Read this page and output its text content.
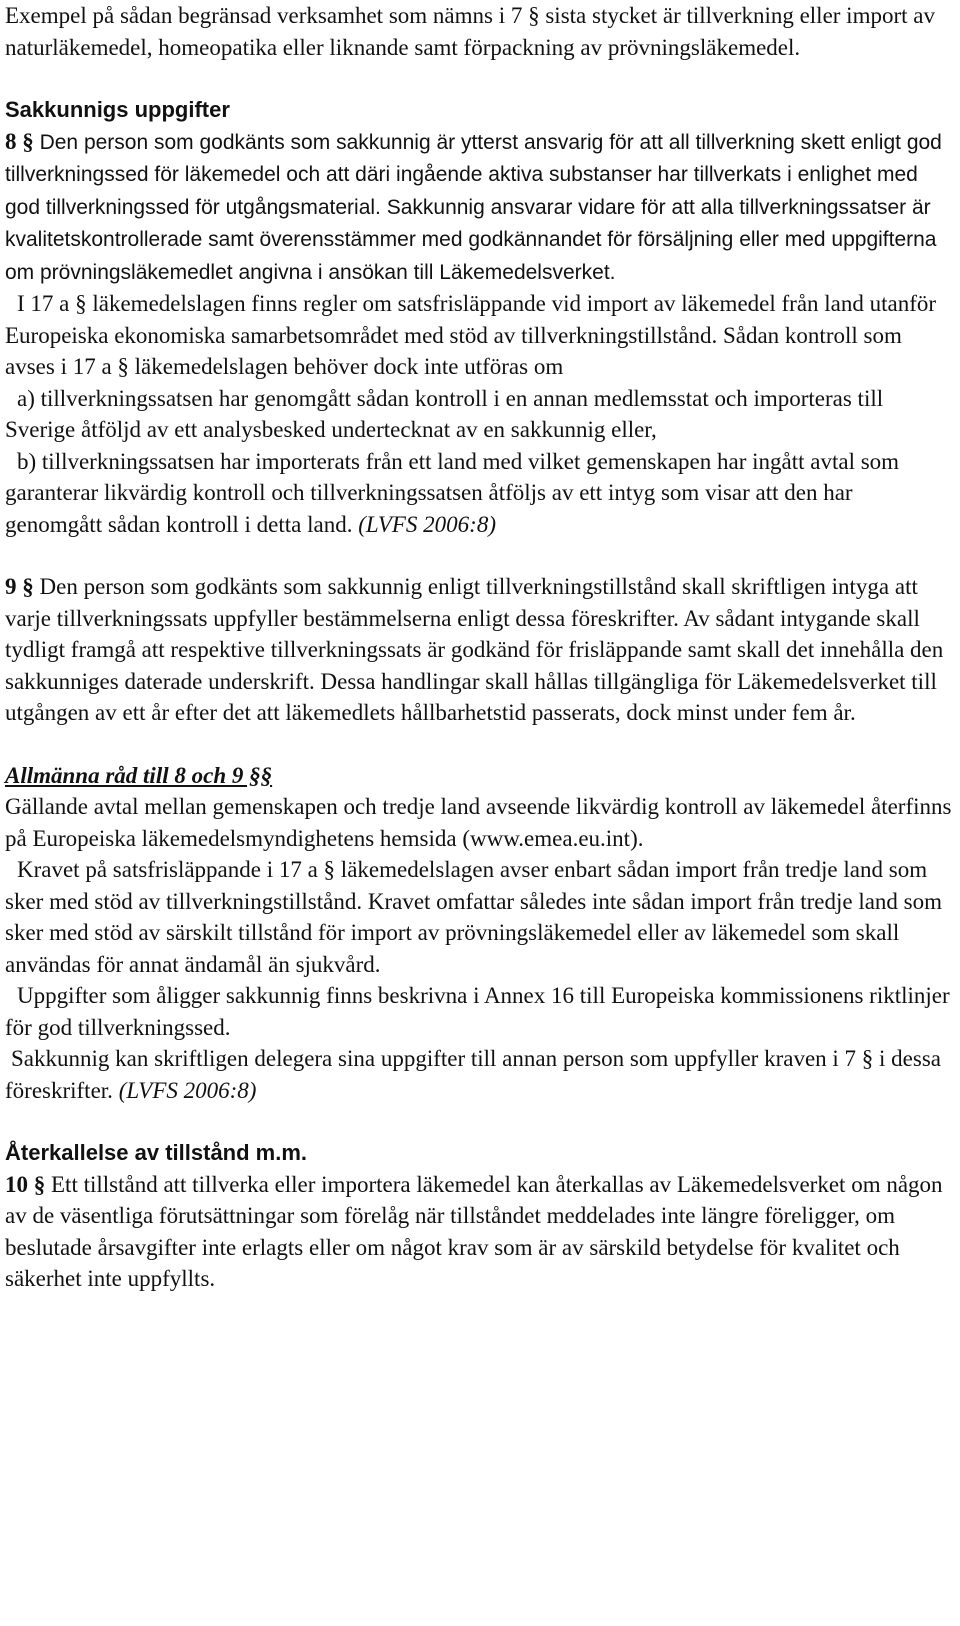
Exempel på sådan begränsad verksamhet som nämns i 7 § sista stycket är tillverkning eller import av naturläkemedel, homeopatika eller liknande samt förpackning av prövningsläkemedel.

Sakkunnigs uppgifter

8 § Den person som godkänts som sakkunnig är ytterst ansvarig för att all tillverkning skett enligt god tillverkningssed för läkemedel och att däri ingående aktiva substanser har tillverkats i enlighet med god tillverkningssed för utgångsmaterial. Sakkunnig ansvarar vidare för att alla tillverkningssatser är kvalitetskontrollerade samt överensstämmer med godkännandet för försäljning eller med uppgifterna om prövningsläkemedlet angivna i ansökan till Läkemedelsverket.

I 17 a § läkemedelslagen finns regler om satsfrisläppande vid import av läkemedel från land utanför Europeiska ekonomiska samarbetsområdet med stöd av tillverkningstillstånd. Sådan kontroll som avses i 17 a § läkemedelslagen behöver dock inte utföras om

a) tillverkningssatsen har genomgått sådan kontroll i en annan medlemsstat och importeras till Sverige åtföljd av ett analysbesked undertecknat av en sakkunnig eller,

b) tillverkningssatsen har importerats från ett land med vilket gemenskapen har ingått avtal som garanterar likvärdig kontroll och tillverkningssatsen åtföljs av ett intyg som visar att den har genomgått sådan kontroll i detta land. (LVFS 2006:8)

9 § Den person som godkänts som sakkunnig enligt tillverkningstillstånd skall skriftligen intyga att varje tillverkningssats uppfyller bestämmelserna enligt dessa föreskrifter. Av sådant intygande skall tydligt framgå att respektive tillverkningssats är godkänd för frisläppande samt skall det innehålla den sakkunniges daterade underskrift. Dessa handlingar skall hållas tillgängliga för Läkemedelsverket till utgången av ett år efter det att läkemedlets hållbarhetstid passerats, dock minst under fem år.

Allmänna råd till 8 och 9 §§

Gällande avtal mellan gemenskapen och tredje land avseende likvärdig kontroll av läkemedel återfinns på Europeiska läkemedelsmyndighetens hemsida (www.emea.eu.int).

Kravet på satsfrisläppande i 17 a § läkemedelslagen avser enbart sådan import från tredje land som sker med stöd av tillverkningstillstånd. Kravet omfattar således inte sådan import från tredje land som sker med stöd av särskilt tillstånd för import av prövningsläkemedel eller av läkemedel som skall användas för annat ändamål än sjukvård.

Uppgifter som åligger sakkunnig finns beskrivna i Annex 16 till Europeiska kommissionens riktlinjer för god tillverkningssed.

Sakkunnig kan skriftligen delegera sina uppgifter till annan person som uppfyller kraven i 7 § i dessa föreskrifter. (LVFS 2006:8)

Återkallelse av tillstånd m.m.

10 § Ett tillstånd att tillverka eller importera läkemedel kan återkallas av Läkemedelsverket om någon av de väsentliga förutsättningar som förelåg när tillståndet meddelades inte längre föreligger, om beslutade årsavgifter inte erlagts eller om något krav som är av särskild betydelse för kvalitet och säkerhet inte uppfyllts.
